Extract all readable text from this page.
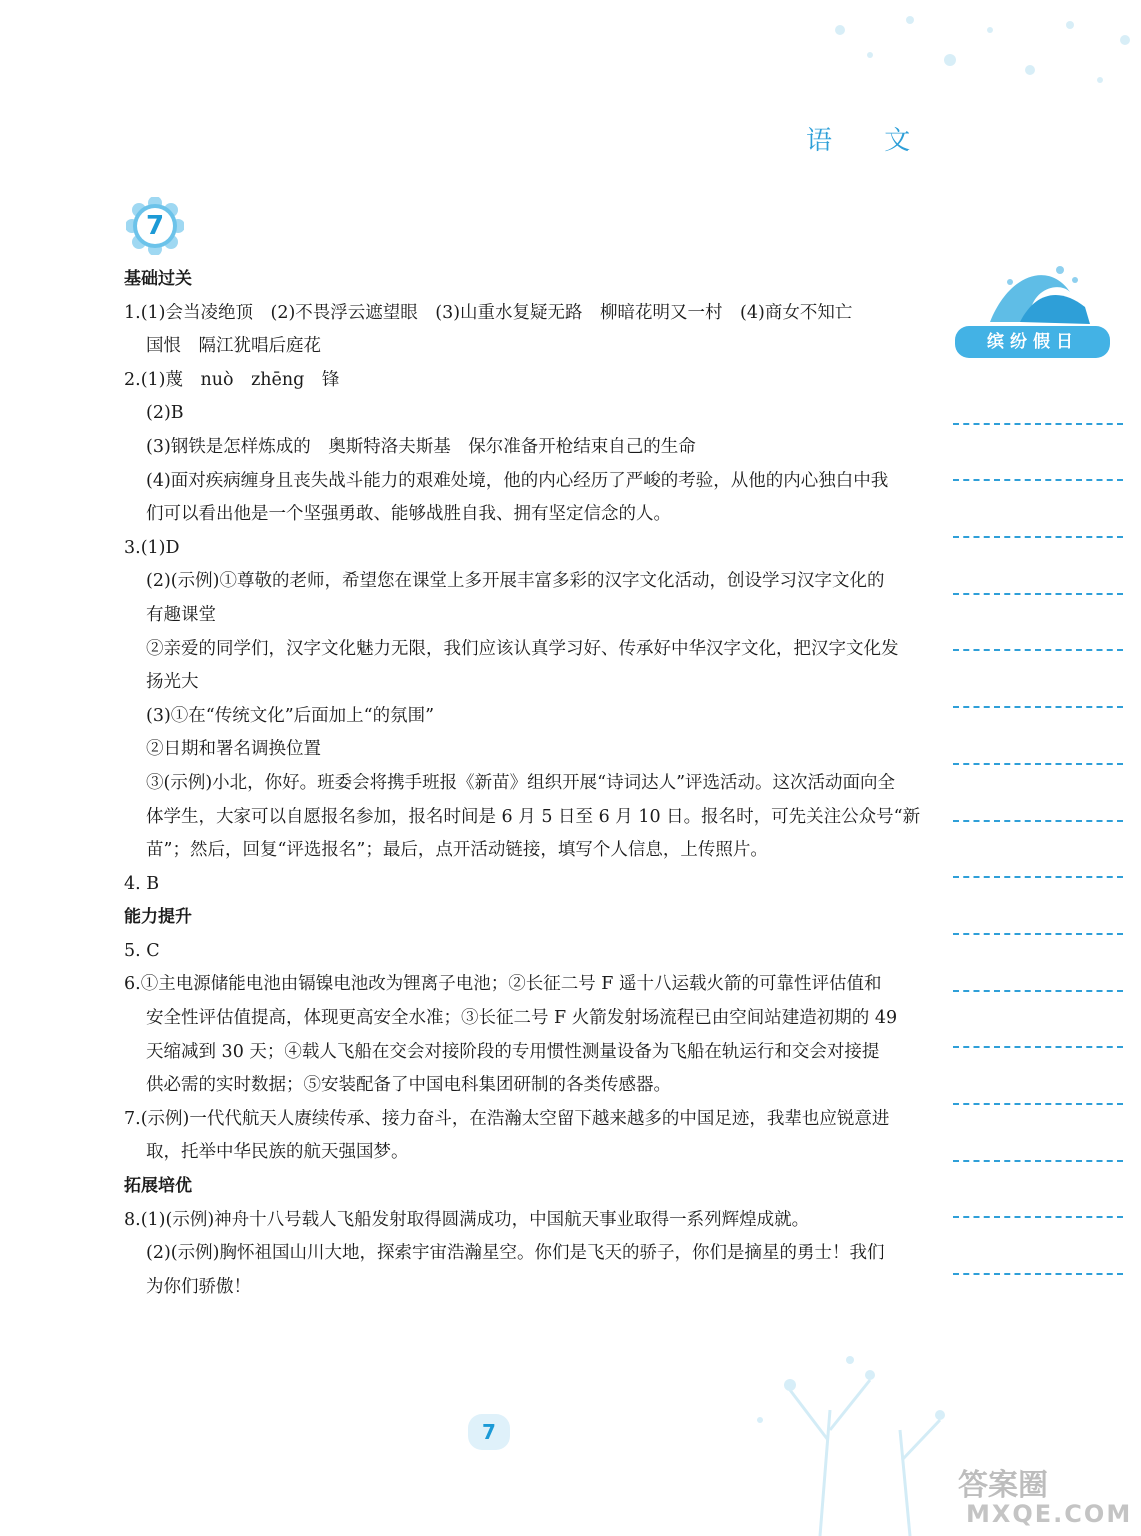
语 文
7
缤纷假日
基础过关
1.(1)会当凌绝顶　(2)不畏浮云遮望眼　(3)山重水复疑无路　柳暗花明又一村　(4)商女不知亡
国恨　隔江犹唱后庭花
2.(1)蔑　nuò　zhēng　锋
(2)B
(3)钢铁是怎样炼成的　奥斯特洛夫斯基　保尔准备开枪结束自己的生命
(4)面对疾病缠身且丧失战斗能力的艰难处境，他的内心经历了严峻的考验，从他的内心独白中我
们可以看出他是一个坚强勇敢、能够战胜自我、拥有坚定信念的人。
3.(1)D
(2)(示例)①尊敬的老师，希望您在课堂上多开展丰富多彩的汉字文化活动，创设学习汉字文化的
有趣课堂
②亲爱的同学们，汉字文化魅力无限，我们应该认真学习好、传承好中华汉字文化，把汉字文化发
扬光大
(3)①在“传统文化”后面加上“的氛围”
②日期和署名调换位置
③(示例)小北，你好。班委会将携手班报《新苗》组织开展“诗词达人”评选活动。这次活动面向全
体学生，大家可以自愿报名参加，报名时间是 6 月 5 日至 6 月 10 日。报名时，可先关注公众号“新
苗”；然后，回复“评选报名”；最后，点开活动链接，填写个人信息，上传照片。
4. B
能力提升
5. C
6.①主电源储能电池由镉镍电池改为锂离子电池；②长征二号 F 遥十八运载火箭的可靠性评估值和
安全性评估值提高，体现更高安全水准；③长征二号 F 火箭发射场流程已由空间站建造初期的 49
天缩减到 30 天；④载人飞船在交会对接阶段的专用惯性测量设备为飞船在轨运行和交会对接提
供必需的实时数据；⑤安装配备了中国电科集团研制的各类传感器。
7.(示例)一代代航天人赓续传承、接力奋斗，在浩瀚太空留下越来越多的中国足迹，我辈也应锐意进
取，托举中华民族的航天强国梦。
拓展培优
8.(1)(示例)神舟十八号载人飞船发射取得圆满成功，中国航天事业取得一系列辉煌成就。
(2)(示例)胸怀祖国山川大地，探索宇宙浩瀚星空。你们是飞天的骄子，你们是摘星的勇士！我们
为你们骄傲！
7
答案圈
MXQE.COM
